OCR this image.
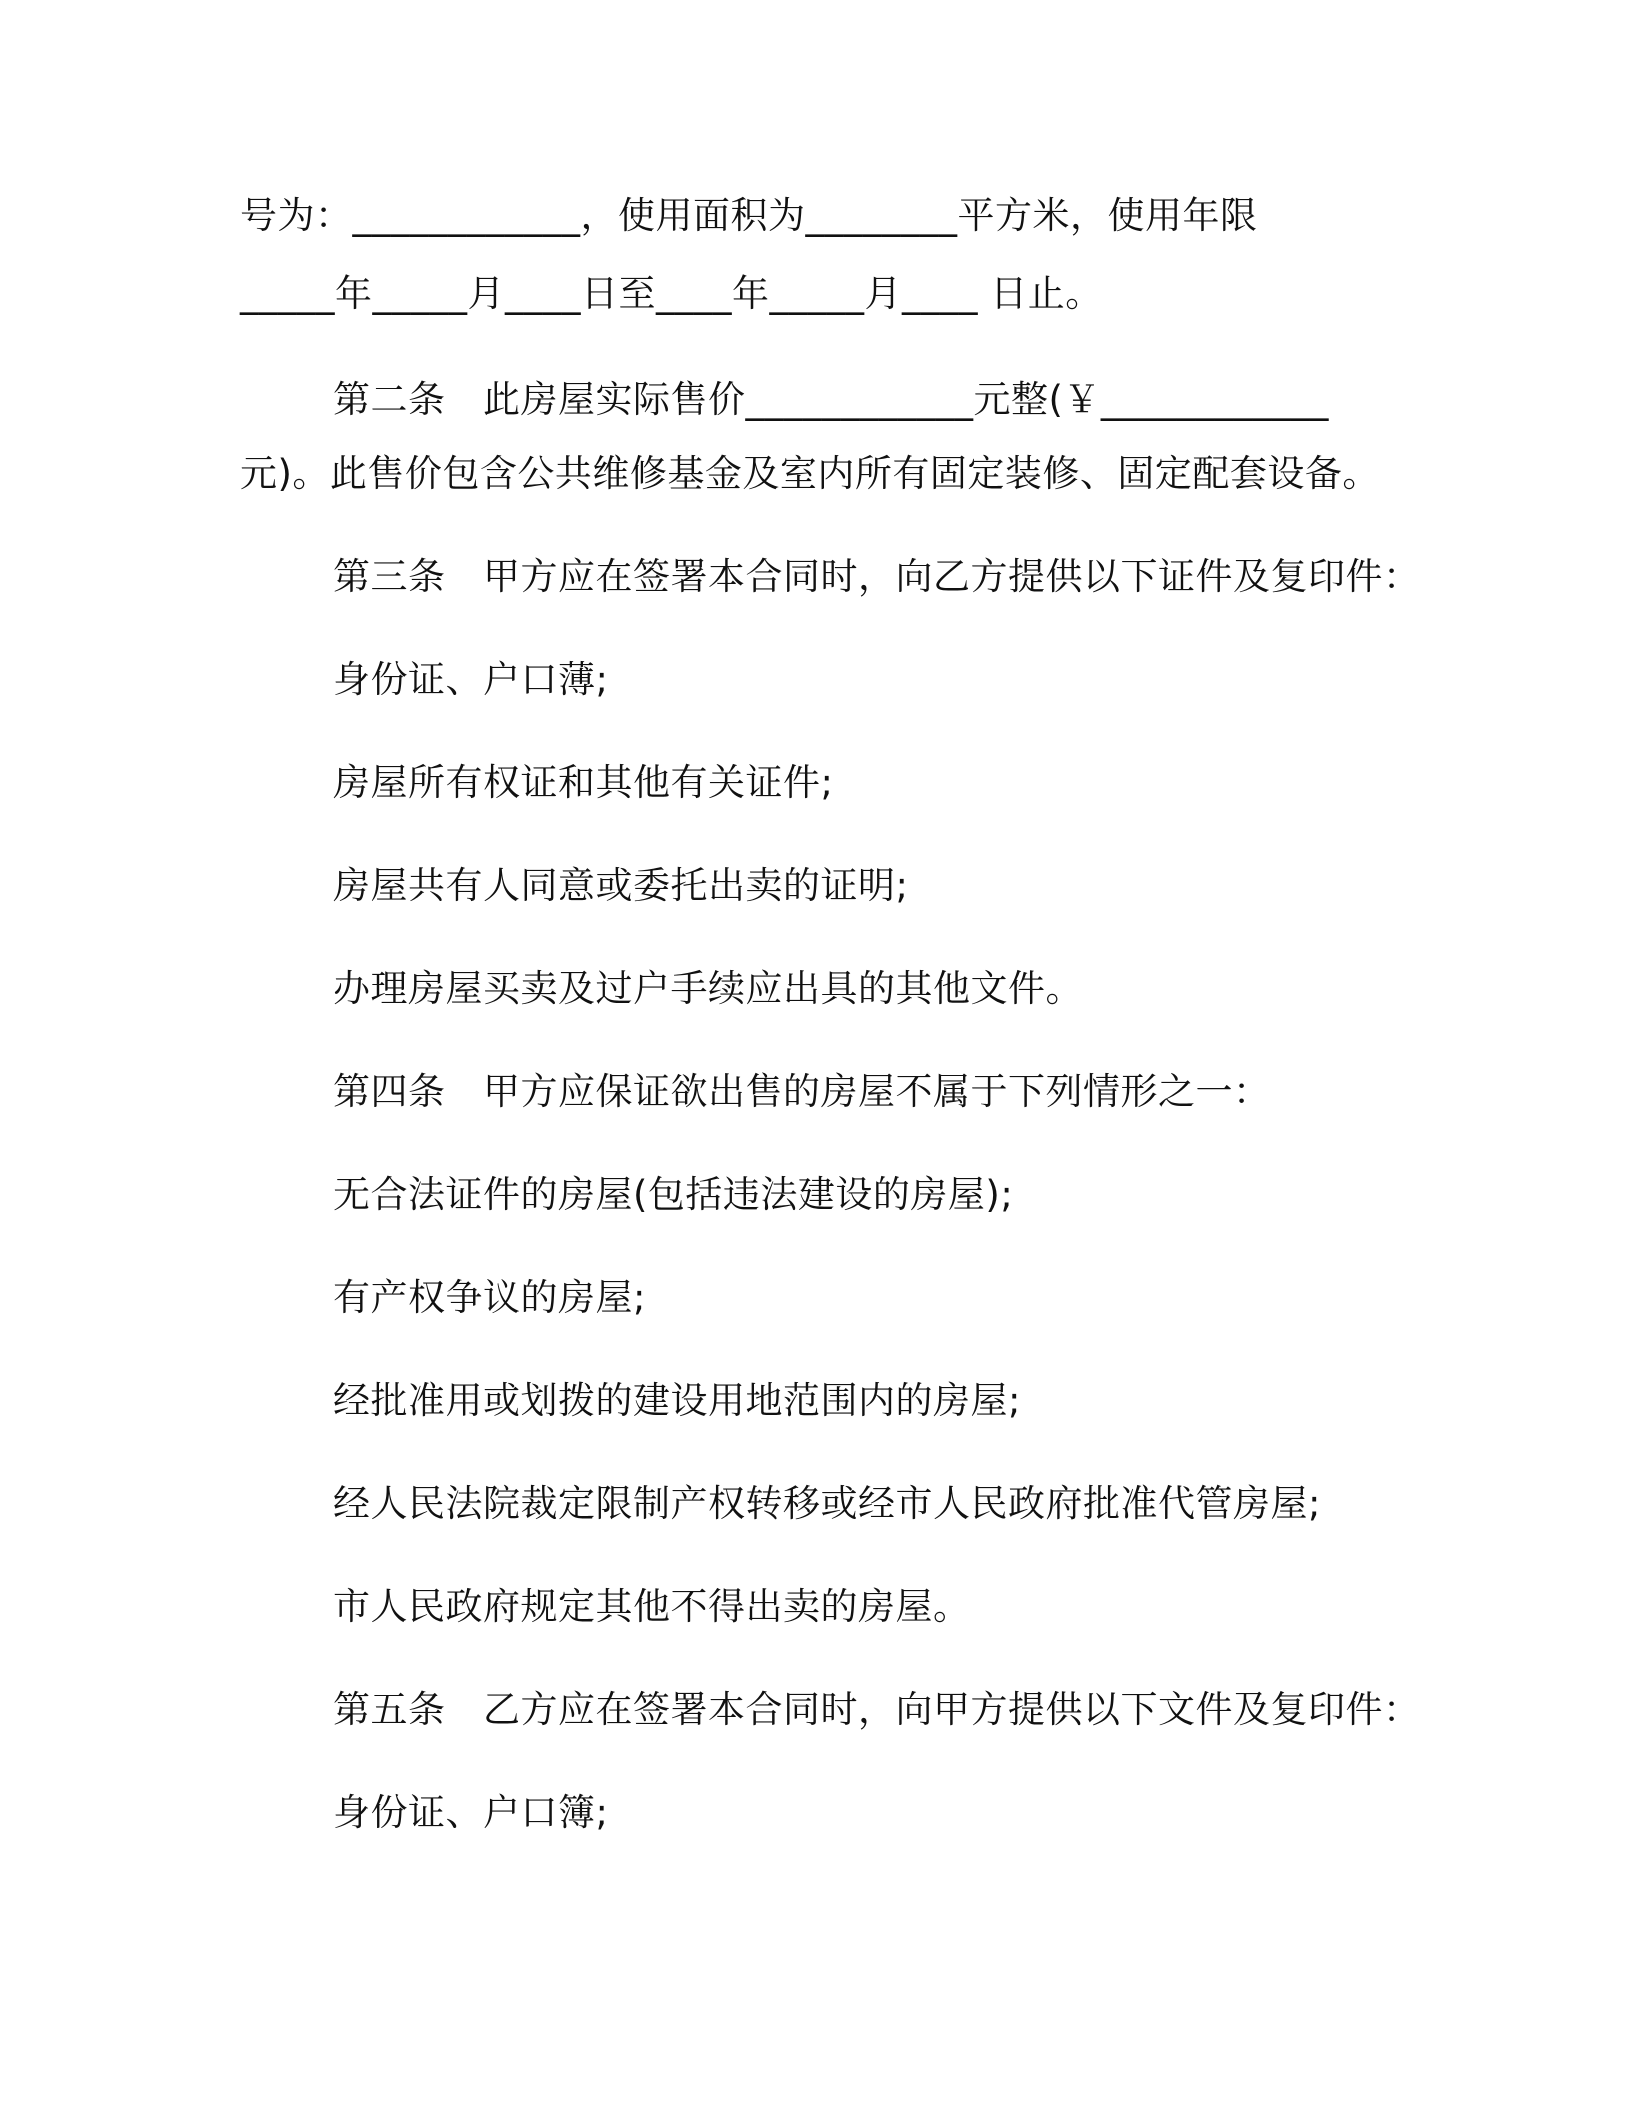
号为：____________，使用面积为________平方米，使用年限
_____年_____月____日至____年_____月____ 日止。
第二条　此房屋实际售价____________元整(￥____________
元)。此售价包含公共维修基金及室内所有固定装修、固定配套设备。
第三条　甲方应在签署本合同时，向乙方提供以下证件及复印件：
身份证、户口薄;
房屋所有权证和其他有关证件;
房屋共有人同意或委托出卖的证明;
办理房屋买卖及过户手续应出具的其他文件。
第四条　甲方应保证欲出售的房屋不属于下列情形之一：
无合法证件的房屋(包括违法建设的房屋);
有产权争议的房屋;
经批准用或划拨的建设用地范围内的房屋;
经人民法院裁定限制产权转移或经市人民政府批准代管房屋;
市人民政府规定其他不得出卖的房屋。
第五条　乙方应在签署本合同时，向甲方提供以下文件及复印件：
身份证、户口簿;
